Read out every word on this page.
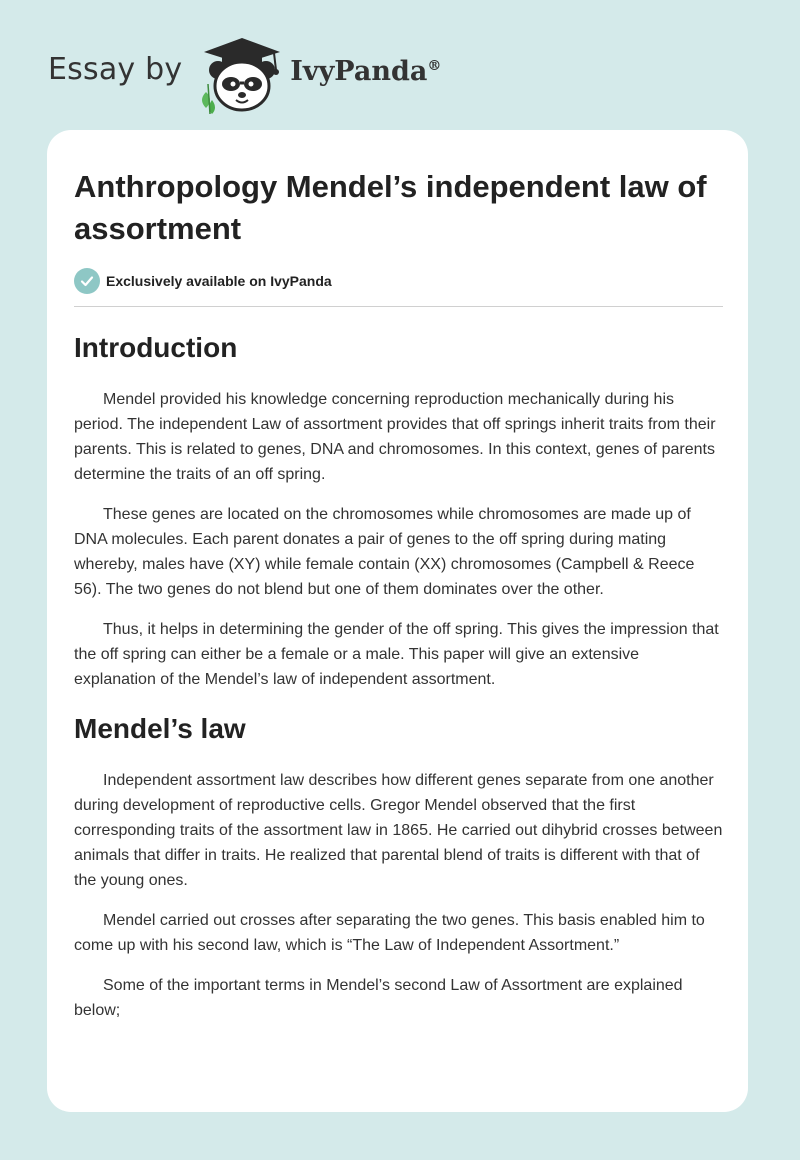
Essay by	IvyPanda®
Anthropology Mendel’s independent law of assortment
Exclusively available on IvyPanda
Introduction

Mendel provided his knowledge concerning reproduction mechanically during his period. The independent Law of assortment provides that off springs inherit traits from their parents. This is related to genes, DNA and chromosomes. In this context, genes of parents determine the traits of an off spring.

These genes are located on the chromosomes while chromosomes are made up of DNA molecules. Each parent donates a pair of genes to the off spring during mating whereby, males have (XY) while female contain (XX) chromosomes (Campbell & Reece 56). The two genes do not blend but one of them dominates over the other.

Thus, it helps in determining the gender of the off spring. This gives the impression that the off spring can either be a female or a male. This paper will give an extensive explanation of the Mendel’s law of independent assortment.

Mendel’s law

Independent assortment law describes how different genes separate from one another during development of reproductive cells. Gregor Mendel observed that the first corresponding traits of the assortment law in 1865. He carried out dihybrid crosses between animals that differ in traits. He realized that parental blend of traits is different with that of the young ones.

Mendel carried out crosses after separating the two genes. This basis enabled him to come up with his second law, which is “The Law of Independent Assortment.”

Some of the important terms in Mendel’s second Law of Assortment are explained below;
